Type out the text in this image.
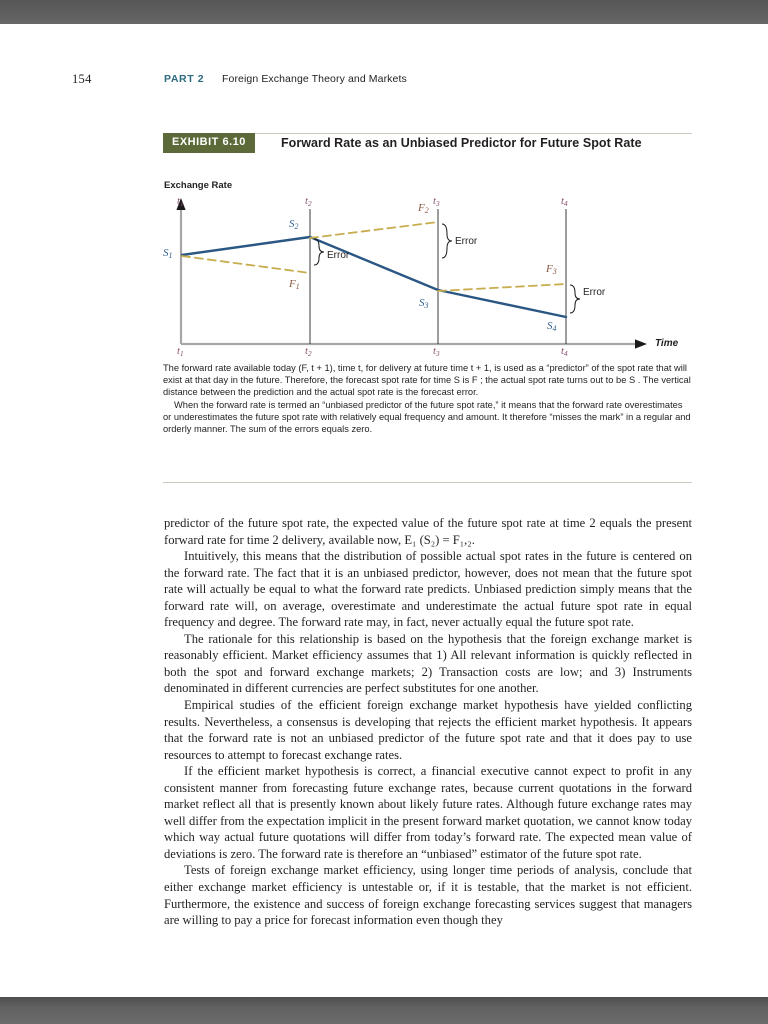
154	PART 2 Foreign Exchange Theory and Markets
EXHIBIT 6.10	Forward Rate as an Unbiased Predictor for Future Spot Rate
Exchange Rate
$t_1$	$t_2$	$t_3$	$t_4$
$t_1$	$t_2$	$t_3$	$t_4$
$S_1$
$S_2$
$S_3$
$S_4$
$F_1$
$F_2$
$F_3$
Error
Error
Error
Time

The forward rate available today (F, t + 1), time t, for delivery at future time t + 1, is used as a “predictor” of the spot rate that will exist at that day in the future. Therefore, the forecast spot rate for time S is F ; the actual spot rate turns out to be S . The vertical distance between the prediction and the actual spot rate is the forecast error.

When the forward rate is termed an “unbiased predictor of the future spot rate,” it means that the forward rate overestimates or underestimates the future spot rate with relatively equal frequency and amount. It therefore “misses the mark” in a regular and orderly manner. The sum of the errors equals zero.

predictor of the future spot rate, the expected value of the future spot rate at time 2 equals the present forward rate for time 2 delivery, available now, E₁ (S₂) = F₁,₂.

Intuitively, this means that the distribution of possible actual spot rates in the future is centered on the forward rate. The fact that it is an unbiased predictor, however, does not mean that the future spot rate will actually be equal to what the forward rate predicts. Unbiased prediction simply means that the forward rate will, on average, overestimate and underestimate the actual future spot rate in equal frequency and degree. The forward rate may, in fact, never actually equal the future spot rate.

The rationale for this relationship is based on the hypothesis that the foreign exchange market is reasonably efficient. Market efficiency assumes that 1) All relevant information is quickly reflected in both the spot and forward exchange markets; 2) Transaction costs are low; and 3) Instruments denominated in different currencies are perfect substitutes for one another.

Empirical studies of the efficient foreign exchange market hypothesis have yielded conflicting results. Nevertheless, a consensus is developing that rejects the efficient market hypothesis. It appears that the forward rate is not an unbiased predictor of the future spot rate and that it does pay to use resources to attempt to forecast exchange rates.

If the efficient market hypothesis is correct, a financial executive cannot expect to profit in any consistent manner from forecasting future exchange rates, because current quotations in the forward market reflect all that is presently known about likely future rates. Although future exchange rates may well differ from the expectation implicit in the present forward market quotation, we cannot know today which way actual future quotations will differ from today’s forward rate. The expected mean value of deviations is zero. The forward rate is therefore an “unbiased” estimator of the future spot rate.

Tests of foreign exchange market efficiency, using longer time periods of analysis, conclude that either exchange market efficiency is untestable or, if it is testable, that the market is not efficient. Furthermore, the existence and success of foreign exchange forecasting services suggest that managers are willing to pay a price for forecast information even though they
